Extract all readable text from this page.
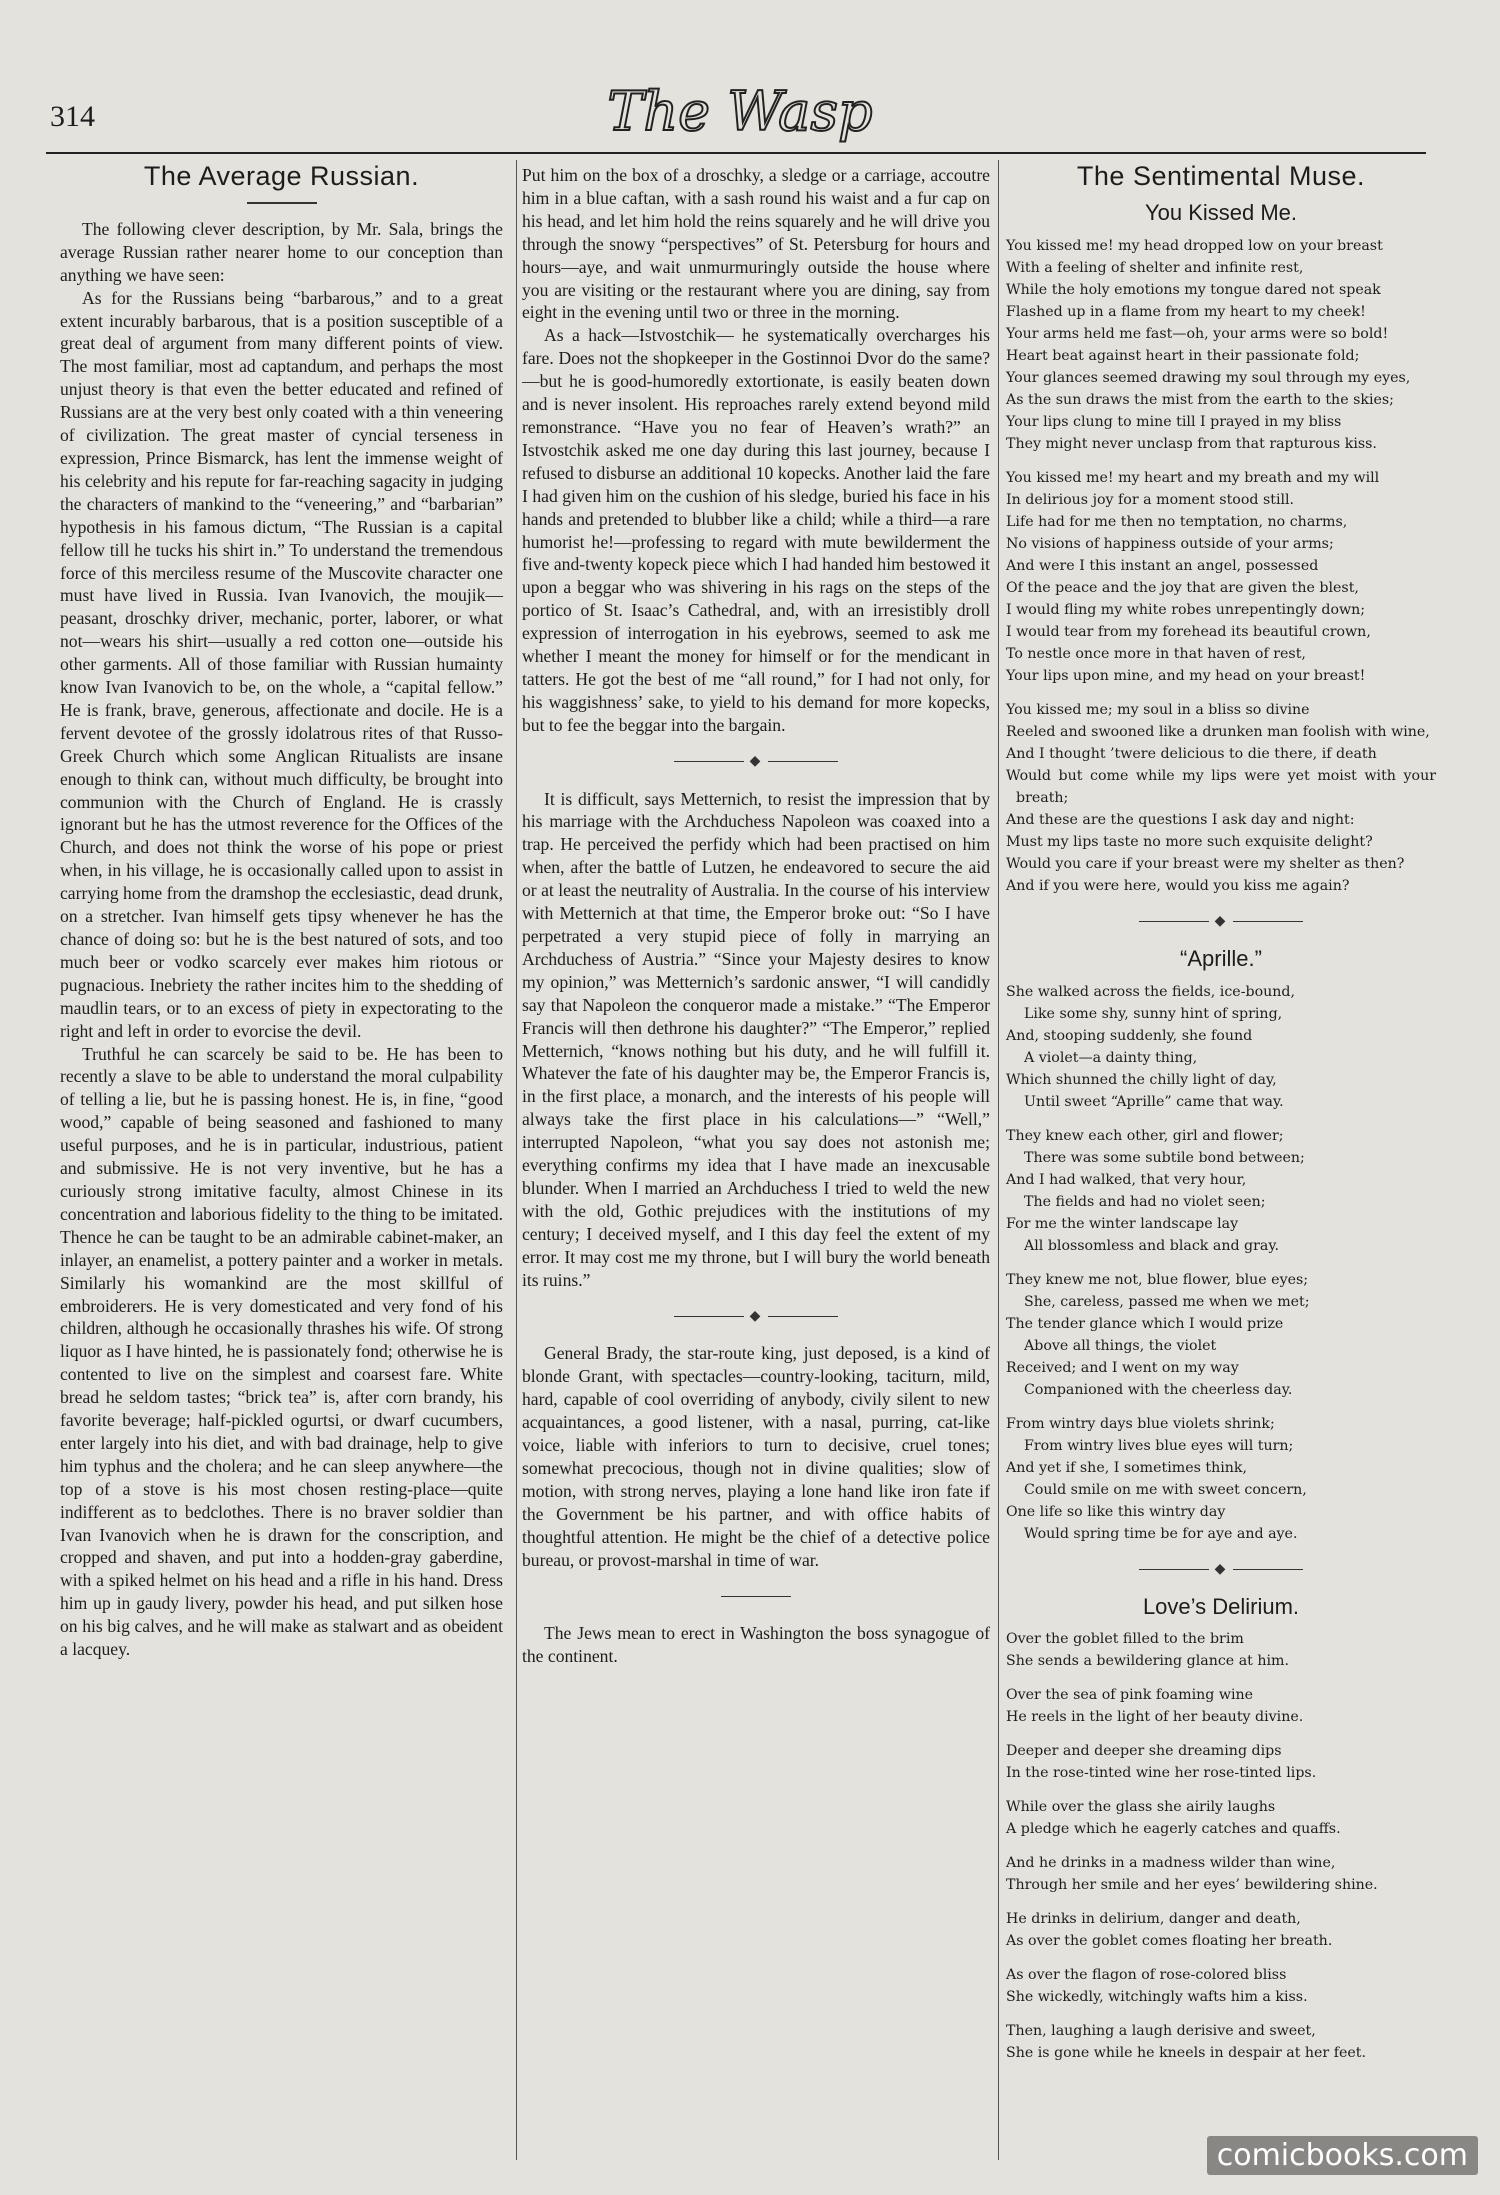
314	The Wasp
The Average Russian.

The following clever description, by Mr. Sala, brings the average Russian rather nearer home to our conception than anything we have seen:

As for the Russians being “barbarous,” and to a great extent incurably barbarous, that is a position susceptible of a great deal of argument from many different points of view. The most familiar, most ad captandum, and perhaps the most unjust theory is that even the better educated and refined of Russians are at the very best only coated with a thin veneering of civilization. The great master of cyncial terseness in expression, Prince Bismarck, has lent the immense weight of his celebrity and his repute for far-reaching sagacity in judging the characters of mankind to the “veneering,” and “barbarian” hypothesis in his famous dictum, “The Russian is a capital fellow till he tucks his shirt in.” To understand the tremendous force of this merciless resume of the Muscovite character one must have lived in Russia. Ivan Ivanovich, the moujik—peasant, droschky driver, mechanic, porter, laborer, or what not—wears his shirt—usually a red cotton one—outside his other garments. All of those familiar with Russian humainty know Ivan Ivanovich to be, on the whole, a “capital fellow.” He is frank, brave, generous, affectionate and docile. He is a fervent devotee of the grossly idolatrous rites of that Russo-Greek Church which some Anglican Ritualists are insane enough to think can, without much difficulty, be brought into communion with the Church of England. He is crassly ignorant but he has the utmost reverence for the Offices of the Church, and does not think the worse of his pope or priest when, in his village, he is occasionally called upon to assist in carrying home from the dramshop the ecclesiastic, dead drunk, on a stretcher. Ivan himself gets tipsy whenever he has the chance of doing so: but he is the best natured of sots, and too much beer or vodko scarcely ever makes him riotous or pugnacious. Inebriety the rather incites him to the shedding of maudlin tears, or to an excess of piety in expectorating to the right and left in order to evorcise the devil.

Truthful he can scarcely be said to be. He has been to recently a slave to be able to understand the moral culpability of telling a lie, but he is passing honest. He is, in fine, “good wood,” capable of being seasoned and fashioned to many useful purposes, and he is in particular, industrious, patient and submissive. He is not very inventive, but he has a curiously strong imitative faculty, almost Chinese in its concentration and laborious fidelity to the thing to be imitated. Thence he can be taught to be an admirable cabinet-maker, an inlayer, an enamelist, a pottery painter and a worker in metals. Similarly his womankind are the most skillful of embroiderers. He is very domesticated and very fond of his children, although he occasionally thrashes his wife. Of strong liquor as I have hinted, he is passionately fond; otherwise he is contented to live on the simplest and coarsest fare. White bread he seldom tastes; “brick tea” is, after corn brandy, his favorite beverage; half-pickled ogurtsi, or dwarf cucumbers, enter largely into his diet, and with bad drainage, help to give him typhus and the cholera; and he can sleep anywhere—the top of a stove is his most chosen resting-place—quite indifferent as to bedclothes. There is no braver soldier than Ivan Ivanovich when he is drawn for the conscription, and cropped and shaven, and put into a hodden-gray gaberdine, with a spiked helmet on his head and a rifle in his hand. Dress him up in gaudy livery, powder his head, and put silken hose on his big calves, and he will make as stalwart and as obeident a lacquey.

Put him on the box of a droschky, a sledge or a carriage, accoutre him in a blue caftan, with a sash round his waist and a fur cap on his head, and let him hold the reins squarely and he will drive you through the snowy “perspectives” of St. Petersburg for hours and hours—aye, and wait unmurmuringly outside the house where you are visiting or the restaurant where you are dining, say from eight in the evening until two or three in the morning.

As a hack—Istvostchik— he systematically overcharges his fare. Does not the shopkeeper in the Gostinnoi Dvor do the same?—but he is good-humoredly extortionate, is easily beaten down and is never insolent. His reproaches rarely extend beyond mild remonstrance. “Have you no fear of Heaven’s wrath?” an Istvostchik asked me one day during this last journey, because I refused to disburse an additional 10 kopecks. Another laid the fare I had given him on the cushion of his sledge, buried his face in his hands and pretended to blubber like a child; while a third—a rare humorist he!—professing to regard with mute bewilderment the five and-twenty kopeck piece which I had handed him bestowed it upon a beggar who was shivering in his rags on the steps of the portico of St. Isaac’s Cathedral, and, with an irresistibly droll expression of interrogation in his eyebrows, seemed to ask me whether I meant the money for himself or for the mendicant in tatters. He got the best of me “all round,” for I had not only, for his waggishness’ sake, to yield to his demand for more kopecks, but to fee the beggar into the bargain.

◆

It is difficult, says Metternich, to resist the impression that by his marriage with the Archduchess Napoleon was coaxed into a trap. He perceived the perfidy which had been practised on him when, after the battle of Lutzen, he endeavored to secure the aid or at least the neutrality of Australia. In the course of his interview with Metternich at that time, the Emperor broke out: “So I have perpetrated a very stupid piece of folly in marrying an Archduchess of Austria.” “Since your Majesty desires to know my opinion,” was Metternich’s sardonic answer, “I will candidly say that Napoleon the conqueror made a mistake.” “The Emperor Francis will then dethrone his daughter?” “The Emperor,” replied Metternich, “knows nothing but his duty, and he will fulfill it. Whatever the fate of his daughter may be, the Emperor Francis is, in the first place, a monarch, and the interests of his people will always take the first place in his calculations—” “Well,” interrupted Napoleon, “what you say does not astonish me; everything confirms my idea that I have made an inexcusable blunder. When I married an Archduchess I tried to weld the new with the old, Gothic prejudices with the institutions of my century; I deceived myself, and I this day feel the extent of my error. It may cost me my throne, but I will bury the world beneath its ruins.”

◆

General Brady, the star-route king, just deposed, is a kind of blonde Grant, with spectacles—country-looking, taciturn, mild, hard, capable of cool overriding of anybody, civily silent to new acquaintances, a good listener, with a nasal, purring, cat-like voice, liable with inferiors to turn to decisive, cruel tones; somewhat precocious, though not in divine qualities; slow of motion, with strong nerves, playing a lone hand like iron fate if the Government be his partner, and with office habits of thoughtful attention. He might be the chief of a detective police bureau, or provost-marshal in time of war.

The Jews mean to erect in Washington the boss synagogue of the continent.

The Sentimental Muse.
You Kissed Me.
You kissed me! my head dropped low on your breast
With a feeling of shelter and infinite rest,
While the holy emotions my tongue dared not speak
Flashed up in a flame from my heart to my cheek!
Your arms held me fast—oh, your arms were so bold!
Heart beat against heart in their passionate fold;
Your glances seemed drawing my soul through my eyes,
As the sun draws the mist from the earth to the skies;
Your lips clung to mine till I prayed in my bliss
They might never unclasp from that rapturous kiss.
You kissed me! my heart and my breath and my will
In delirious joy for a moment stood still.
Life had for me then no temptation, no charms,
No visions of happiness outside of your arms;
And were I this instant an angel, possessed
Of the peace and the joy that are given the blest,
I would fling my white robes unrepentingly down;
I would tear from my forehead its beautiful crown,
To nestle once more in that haven of rest,
Your lips upon mine, and my head on your breast!
You kissed me; my soul in a bliss so divine
Reeled and swooned like a drunken man foolish with wine,
And I thought ’twere delicious to die there, if death
Would but come while my lips were yet moist with your breath;
And these are the questions I ask day and night:
Must my lips taste no more such exquisite delight?
Would you care if your breast were my shelter as then?
And if you were here, would you kiss me again?
◆
“Aprille.”
She walked across the fields, ice-bound,
Like some shy, sunny hint of spring,
And, stooping suddenly, she found
A violet—a dainty thing,
Which shunned the chilly light of day,
Until sweet “Aprille” came that way.
They knew each other, girl and flower;
There was some subtile bond between;
And I had walked, that very hour,
The fields and had no violet seen;
For me the winter landscape lay
All blossomless and black and gray.
They knew me not, blue flower, blue eyes;
She, careless, passed me when we met;
The tender glance which I would prize
Above all things, the violet
Received; and I went on my way
Companioned with the cheerless day.
From wintry days blue violets shrink;
From wintry lives blue eyes will turn;
And yet if she, I sometimes think,
Could smile on me with sweet concern,
One life so like this wintry day
Would spring time be for aye and aye.
◆
Love’s Delirium.
Over the goblet filled to the brim
She sends a bewildering glance at him.
Over the sea of pink foaming wine
He reels in the light of her beauty divine.
Deeper and deeper she dreaming dips
In the rose-tinted wine her rose-tinted lips.
While over the glass she airily laughs
A pledge which he eagerly catches and quaffs.
And he drinks in a madness wilder than wine,
Through her smile and her eyes’ bewildering shine.
He drinks in delirium, danger and death,
As over the goblet comes floating her breath.
As over the flagon of rose-colored bliss
She wickedly, witchingly wafts him a kiss.
Then, laughing a laugh derisive and sweet,
She is gone while he kneels in despair at her feet.
comicbooks.com
